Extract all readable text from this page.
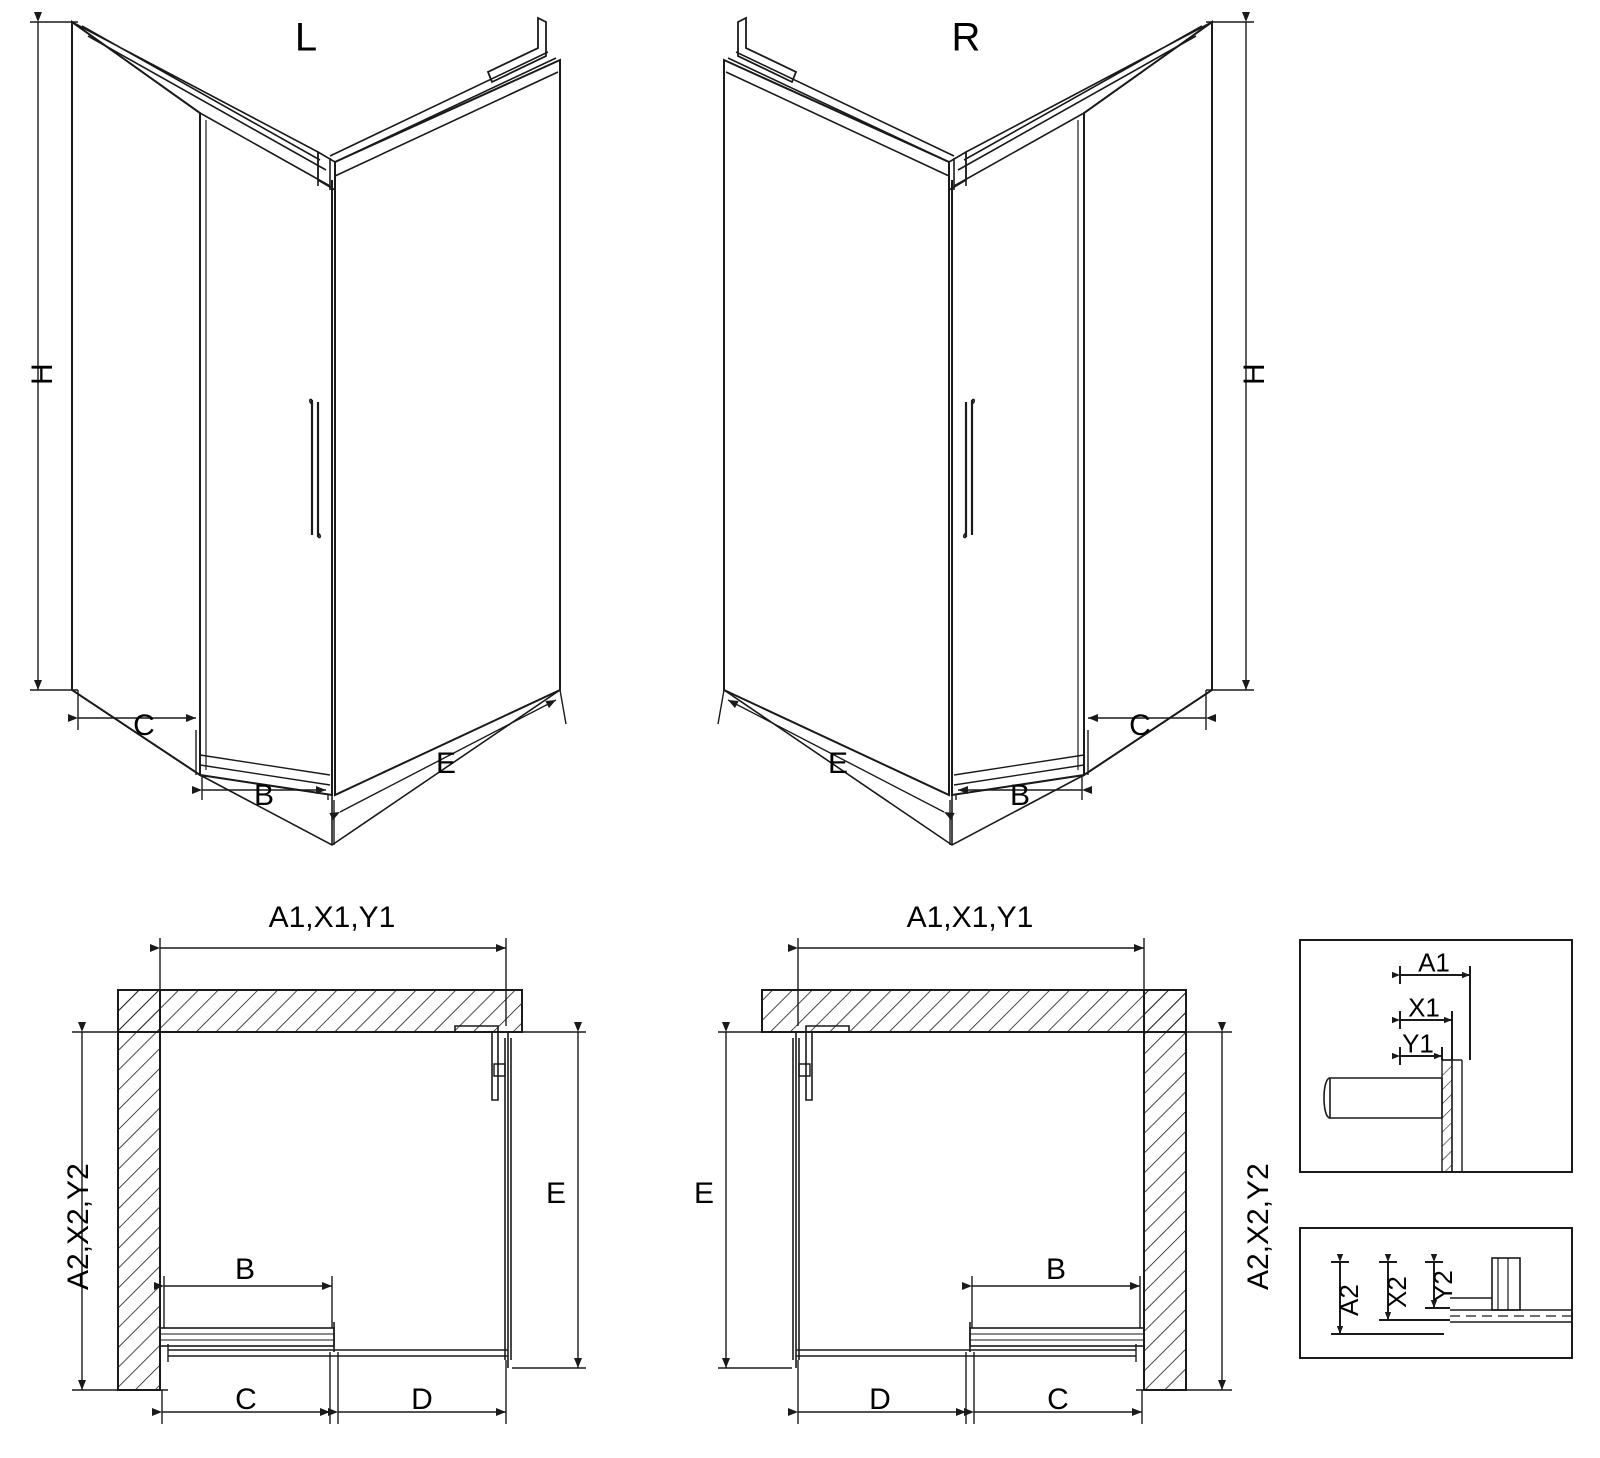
L	R
H
C
B
E
H
C
B
E
A1,X1,Y1
A2,X2,Y2	E
B
C	D
A1,X1,Y1
A2,X2,Y2
E
B
C
D
A1
X1
Y1
A2 X2 Y2
